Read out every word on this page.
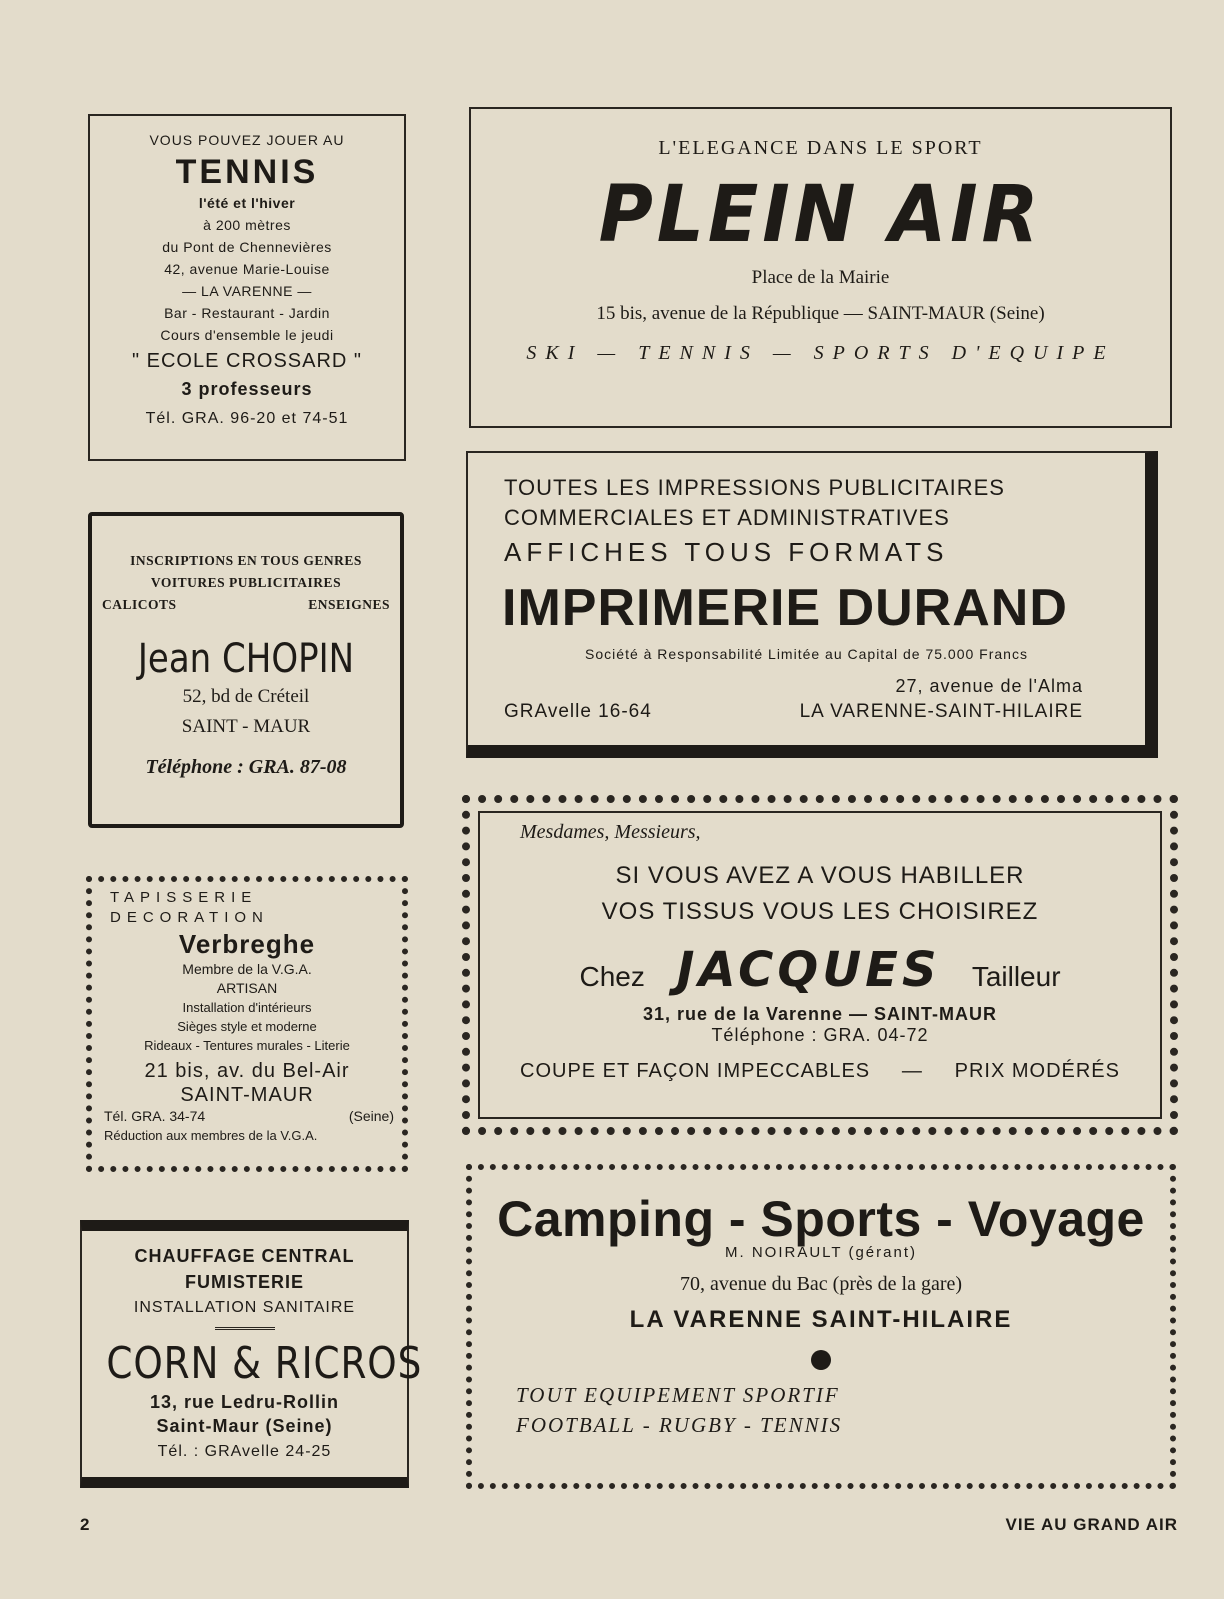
VOUS POUVEZ JOUER AU
TENNIS
l'été et l'hiver
à 200 mètres
du Pont de Chennevières
42, avenue Marie-Louise
— LA VARENNE —
Bar - Restaurant - Jardin
Cours d'ensemble le jeudi
" ECOLE CROSSARD "
3 professeurs
Tél. GRA. 96-20 et 74-51
L'ELEGANCE DANS LE SPORT
PLEIN AIR
Place de la Mairie
15 bis, avenue de la République — SAINT-MAUR (Seine)
SKI — TENNIS — SPORTS D'EQUIPE
INSCRIPTIONS EN TOUS GENRES
VOITURES PUBLICITAIRES
CALICOTS	ENSEIGNES
Jean CHOPIN
52, bd de Créteil
SAINT - MAUR
Téléphone : GRA. 87-08
TOUTES LES IMPRESSIONS PUBLICITAIRES
COMMERCIALES ET ADMINISTRATIVES
AFFICHES TOUS FORMATS
IMPRIMERIE DURAND
Société à Responsabilité Limitée au Capital de 75.000 Francs
27, avenue de l'Alma
GRAvelle 16-64	LA VARENNE-SAINT-HILAIRE
Mesdames, Messieurs,
SI VOUS AVEZ A VOUS HABILLER
VOS TISSUS VOUS LES CHOISIREZ
Chez JACQUES Tailleur
31, rue de la Varenne — SAINT-MAUR
Téléphone : GRA. 04-72
COUPE ET FAÇON IMPECCABLES — PRIX MODÉRÉS
TAPISSERIE
DECORATION
Verbreghe
Membre de la V.G.A.
ARTISAN
Installation d'intérieurs
Sièges style et moderne
Rideaux - Tentures murales - Literie
21 bis, av. du Bel-Air
SAINT-MAUR
Tél. GRA. 34-74	(Seine)
Réduction aux membres de la V.G.A.
CHAUFFAGE CENTRAL
FUMISTERIE
INSTALLATION SANITAIRE
CORN & RICROS
13, rue Ledru-Rollin
Saint-Maur (Seine)
Tél. : GRAvelle 24-25
Camping - Sports - Voyage
M. NOIRAULT (gérant)
70, avenue du Bac (près de la gare)
LA VARENNE SAINT-HILAIRE
TOUT EQUIPEMENT SPORTIF
FOOTBALL - RUGBY - TENNIS
2	VIE AU GRAND AIR
